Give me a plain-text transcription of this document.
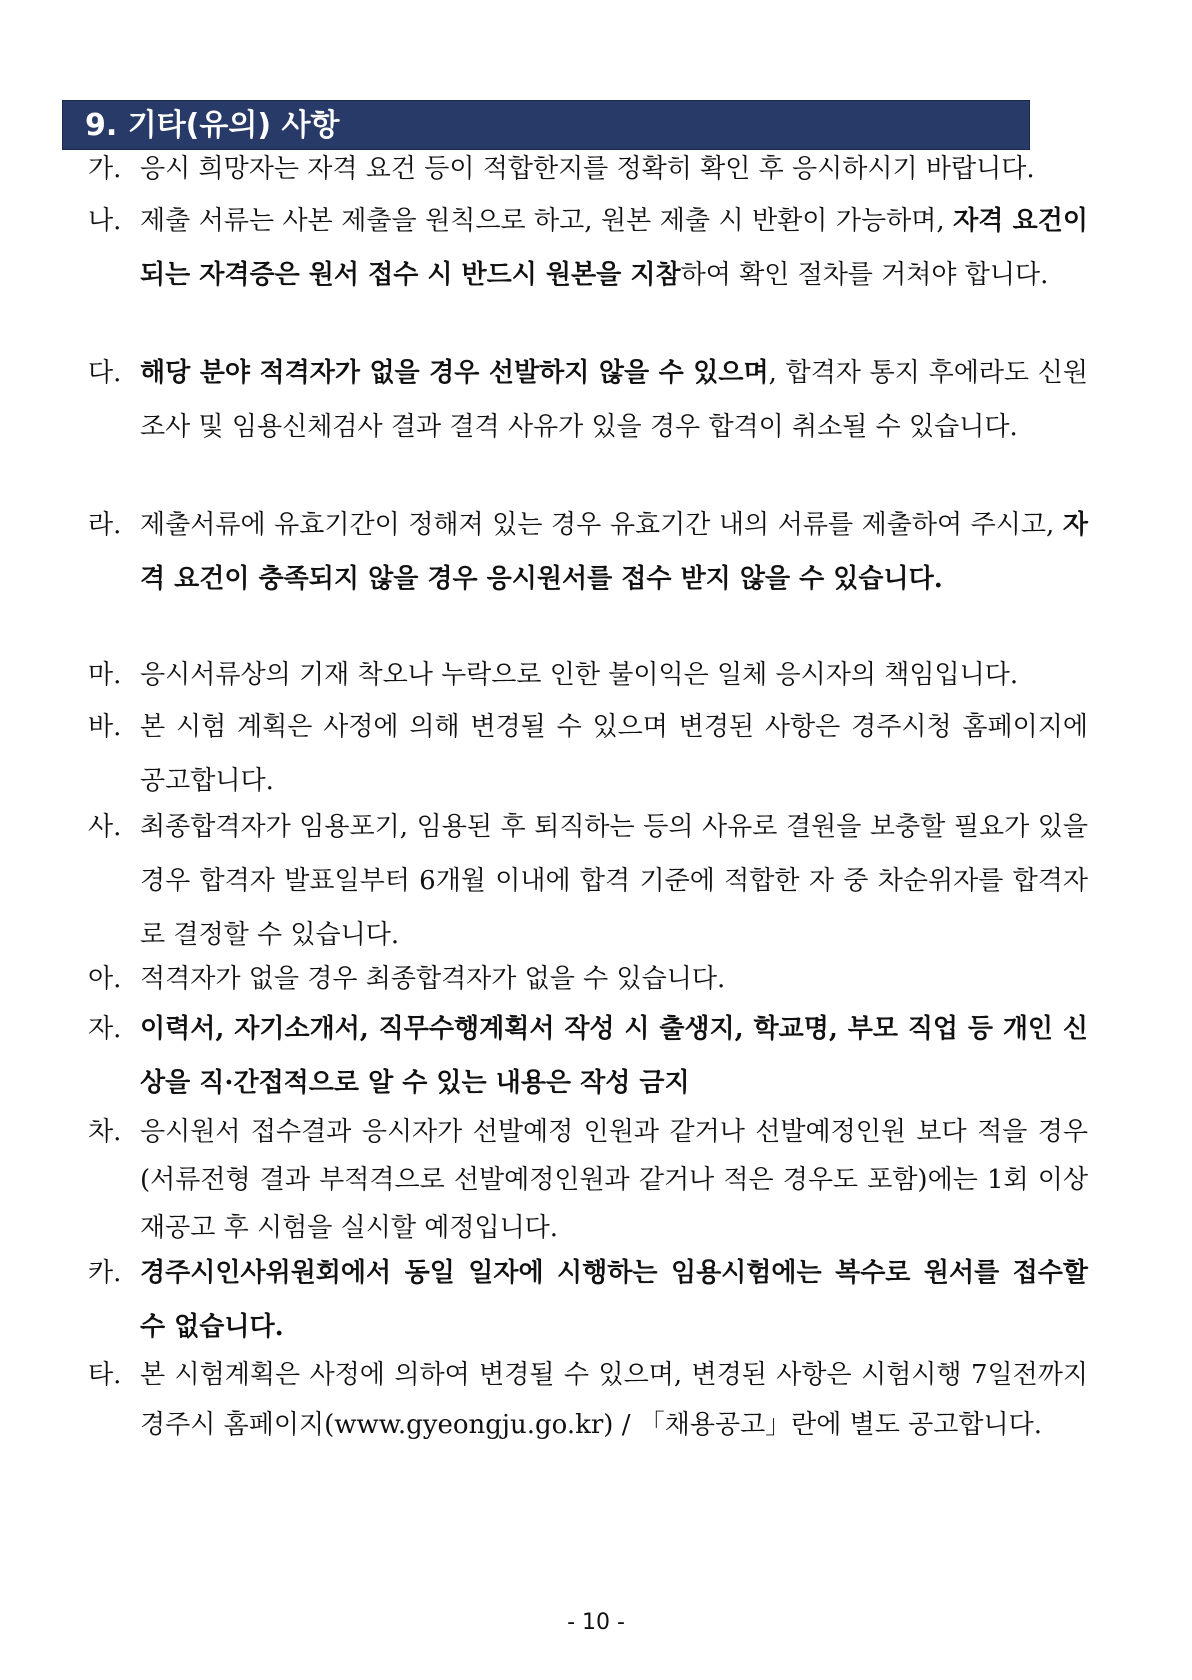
9. 기타(유의) 사항
가. 응시 희망자는 자격 요건 등이 적합한지를 정확히 확인 후 응시하시기 바랍니다.
나. 제출 서류는 사본 제출을 원칙으로 하고, 원본 제출 시 반환이 가능하며, 자격 요건이 되는 자격증은 원서 접수 시 반드시 원본을 지참하여 확인 절차를 거쳐야 합니다.
다. 해당 분야 적격자가 없을 경우 선발하지 않을 수 있으며, 합격자 통지 후에라도 신원조사 및 임용신체검사 결과 결격 사유가 있을 경우 합격이 취소될 수 있습니다.
라. 제출서류에 유효기간이 정해져 있는 경우 유효기간 내의 서류를 제출하여 주시고, 자격 요건이 충족되지 않을 경우 응시원서를 접수 받지 않을 수 있습니다.
마. 응시서류상의 기재 착오나 누락으로 인한 불이익은 일체 응시자의 책임입니다.
바. 본 시험 계획은 사정에 의해 변경될 수 있으며 변경된 사항은 경주시청 홈페이지에 공고합니다.
사. 최종합격자가 임용포기, 임용된 후 퇴직하는 등의 사유로 결원을 보충할 필요가 있을 경우 합격자 발표일부터 6개월 이내에 합격 기준에 적합한 자 중 차순위자를 합격자로 결정할 수 있습니다.
아. 적격자가 없을 경우 최종합격자가 없을 수 있습니다.
자. 이력서, 자기소개서, 직무수행계획서 작성 시 출생지, 학교명, 부모 직업 등 개인 신상을 직·간접적으로 알 수 있는 내용은 작성 금지
차. 응시원서 접수결과 응시자가 선발예정 인원과 같거나 선발예정인원 보다 적을 경우(서류전형 결과 부적격으로 선발예정인원과 같거나 적은 경우도 포함)에는 1회 이상 재공고 후 시험을 실시할 예정입니다.
카. 경주시인사위원회에서 동일 일자에 시행하는 임용시험에는 복수로 원서를 접수할 수 없습니다.
타. 본 시험계획은 사정에 의하여 변경될 수 있으며, 변경된 사항은 시험시행 7일전까지 경주시 홈페이지(www.gyeongju.go.kr) / 「채용공고」란에 별도 공고합니다.
- 10 -
